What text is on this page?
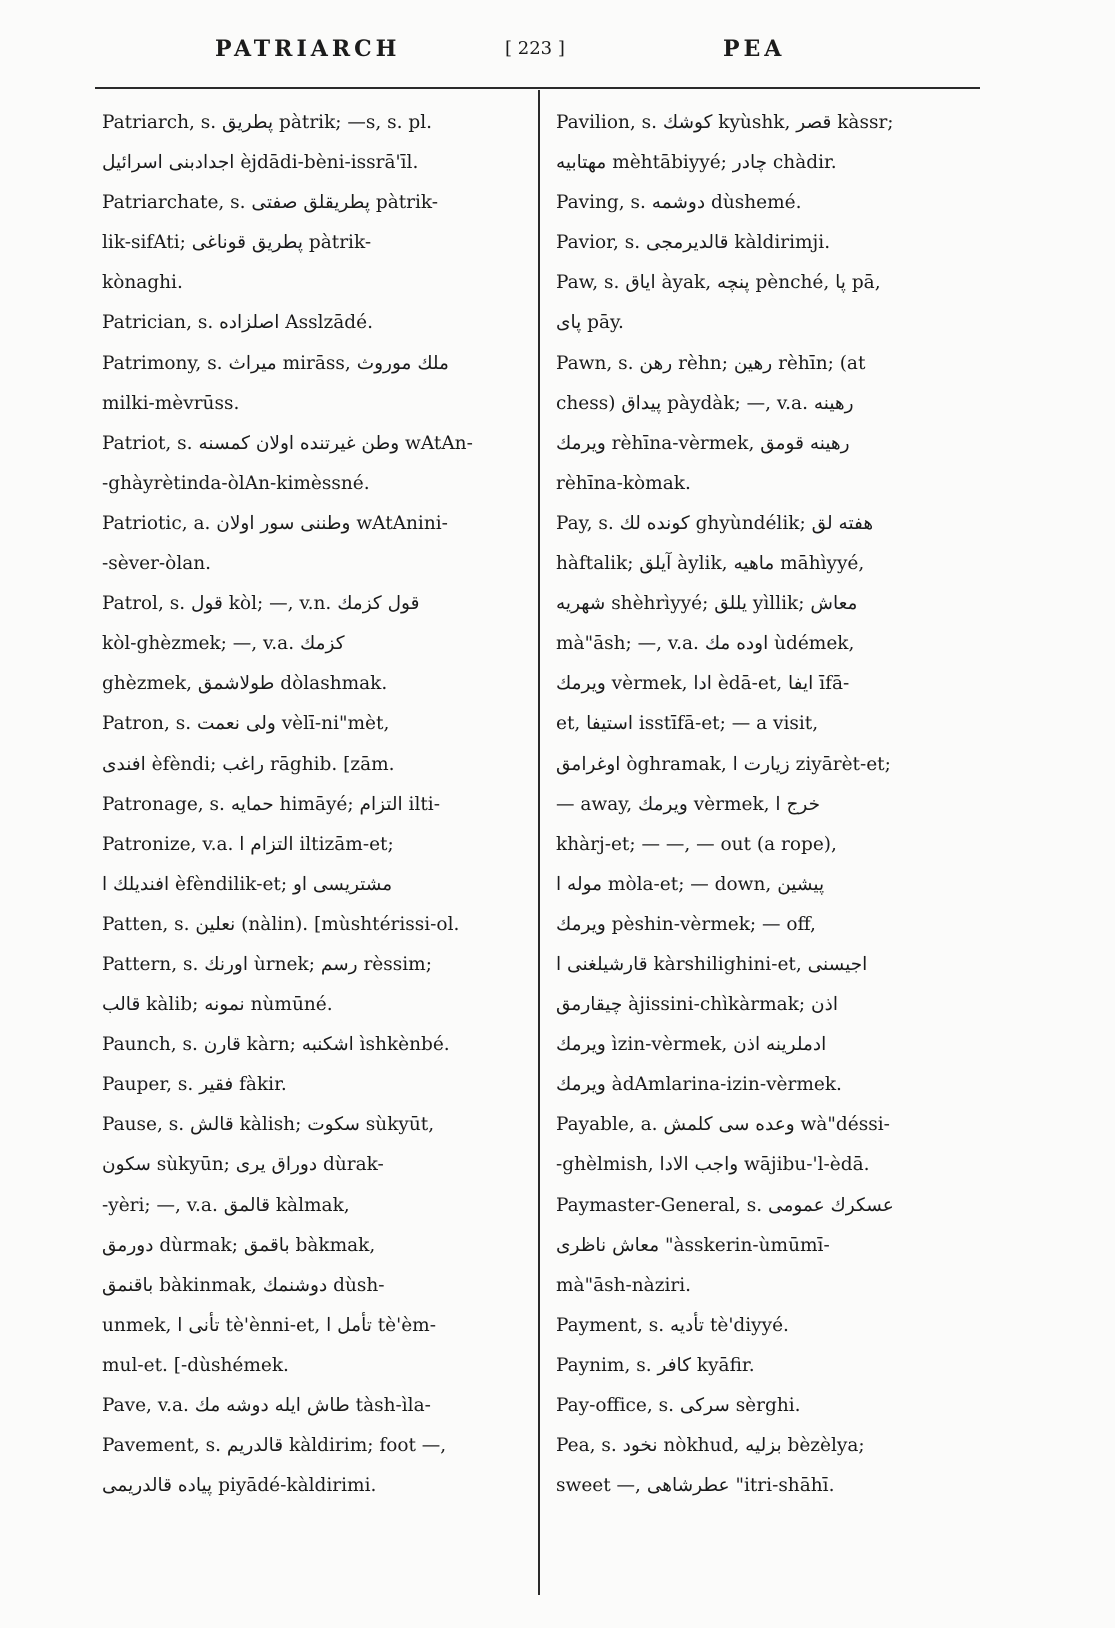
PATRIARCH	[ 223 ]	PEA
Patriarch, s. پطريق pàtrik; —s, s. pl.
اجدادبنى اسرائيل èjdādi-bèni-issrā'īl.
Patriarchate, s. پطريقلق صفتى pàtrik-
lik-sifAti; پطريق قوناغى pàtrik-
kònaghi.
Patrician, s. اصلزاده Asslzādé.
Patrimony, s. ميراث mirāss, ملك موروث
milki-mèvrūss.
Patriot, s. وطن غيرتنده اولان كمسنه wAtAn-
-ghàyrètinda-òlAn-kimèssné.
Patriotic, a. وطننى سور اولان wAtAnini-
-sèver-òlan.
Patrol, s. قول kòl; —, v.n. قول كزمك
kòl-ghèzmek; —, v.a. كزمك
ghèzmek, طولاشمق dòlashmak.
Patron, s. ولى نعمت vèlī-ni"mèt,
افندى èfèndi; راغب rāghib. [zām.
Patronage, s. حمايه himāyé; التزام ilti-
Patronize, v.a. التزام ا iltizām-et;
افنديلك ا èfèndilik-et; مشتريسى او
Patten, s. نعلين (nàlin). [mùshtérissi-ol.
Pattern, s. اورنك ùrnek; رسم rèssim;
قالب kàlib; نمونه nùmūné.
Paunch, s. قارن kàrn; اشكنبه ìshkènbé.
Pauper, s. فقير fàkir.
Pause, s. قالش kàlish; سكوت sùkyūt,
سكون sùkyūn; دوراق يرى dùrak-
-yèri; —, v.a. قالمق kàlmak,
دورمق dùrmak; باقمق bàkmak,
باقنمق bàkinmak, دوشنمك dùsh-
unmek, تأنى ا tè'ènni-et, تأمل ا tè'èm-
mul-et. [-dùshémek.
Pave, v.a. طاش ايله دوشه مك tàsh-ìla-
Pavement, s. قالدريم kàldirim; foot —,
پياده قالدريمى piyādé-kàldirimi.
Pavilion, s. كوشك kyùshk, قصر kàssr;
مهتابيه mèhtābiyyé; چادر chàdir.
Paving, s. دوشمه dùshemé.
Pavior, s. قالديرمجى kàldirimji.
Paw, s. اياق àyak, پنچه pènché, پا pā,
پاى pāy.
Pawn, s. رهن rèhn; رهين rèhīn; (at
chess) پيداق pàydàk; —, v.a. رهينه
ويرمك rèhīna-vèrmek, رهينه قومق
rèhīna-kòmak.
Pay, s. كونده لك ghyùndélik; هفته لق
hàftalik; آيلق àylik, ماهيه māhìyyé,
شهريه shèhrìyyé; يللق yìllik; معاش
mà"āsh; —, v.a. اوده مك ùdémek,
ويرمك vèrmek, ادا èdā-et, ايفا īfā-
et, استيفا isstīfā-et; — a visit,
اوغرامق òghramak, زيارت ا ziyārèt-et;
— away, ويرمك vèrmek, خرج ا
khàrj-et; — —, — out (a rope),
موله ا mòla-et; — down, پيشين
ويرمك pèshin-vèrmek; — off,
قارشيلغنى ا kàrshilighini-et, اجيسنى
چيقارمق àjissini-chìkàrmak; اذن
ويرمك ìzin-vèrmek, ادملرينه اذن
ويرمك àdAmlarina-izin-vèrmek.
Payable, a. وعده سى كلمش wà"déssi-
-ghèlmish, واجب الادا wājibu-'l-èdā.
Paymaster-General, s. عسكرك عمومى
معاش ناظرى "àsskerin-ùmūmī-
mà"āsh-nàziri.
Payment, s. تأديه tè'diyyé.
Paynim, s. كافر kyāfir.
Pay-office, s. سركى sèrghi.
Pea, s. نخود nòkhud, بزليه bèzèlya;
sweet —, عطرشاهى "itri-shāhī.
